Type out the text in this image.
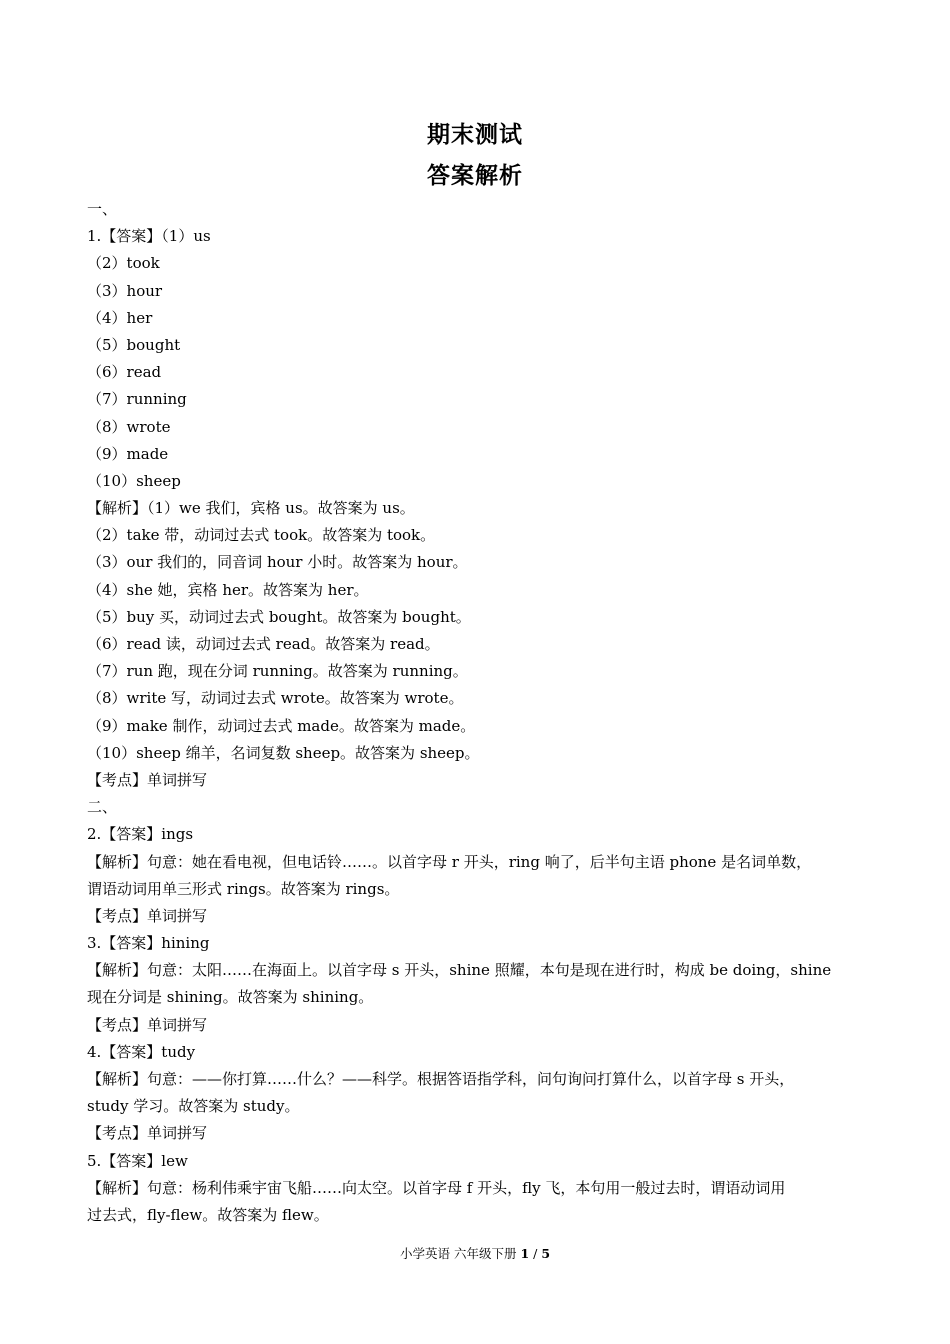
期末测试
答案解析
一、
1.【答案】（1）us
（2）took
（3）hour
（4）her
（5）bought
（6）read
（7）running
（8）wrote
（9）made
（10）sheep
【解析】（1）we 我们，宾格 us。故答案为 us。
（2）take 带，动词过去式 took。故答案为 took。
（3）our 我们的，同音词 hour 小时。故答案为 hour。
（4）she 她，宾格 her。故答案为 her。
（5）buy 买，动词过去式 bought。故答案为 bought。
（6）read 读，动词过去式 read。故答案为 read。
（7）run 跑，现在分词 running。故答案为 running。
（8）write 写，动词过去式 wrote。故答案为 wrote。
（9）make 制作，动词过去式 made。故答案为 made。
（10）sheep 绵羊，名词复数 sheep。故答案为 sheep。
【考点】单词拼写
二、
2.【答案】ings
【解析】句意：她在看电视，但电话铃……。以首字母 r 开头，ring 响了，后半句主语 phone 是名词单数，
谓语动词用单三形式 rings。故答案为 rings。
【考点】单词拼写
3.【答案】hining
【解析】句意：太阳……在海面上。以首字母 s 开头，shine 照耀，本句是现在进行时，构成 be doing，shine
现在分词是 shining。故答案为 shining。
【考点】单词拼写
4.【答案】tudy
【解析】句意：——你打算……什么？——科学。根据答语指学科，问句询问打算什么，以首字母 s 开头，
study 学习。故答案为 study。
【考点】单词拼写
5.【答案】lew
【解析】句意：杨利伟乘宇宙飞船……向太空。以首字母 f 开头，fly 飞，本句用一般过去时，谓语动词用
过去式，fly-flew。故答案为 flew。
小学英语 六年级下册 1 / 5
